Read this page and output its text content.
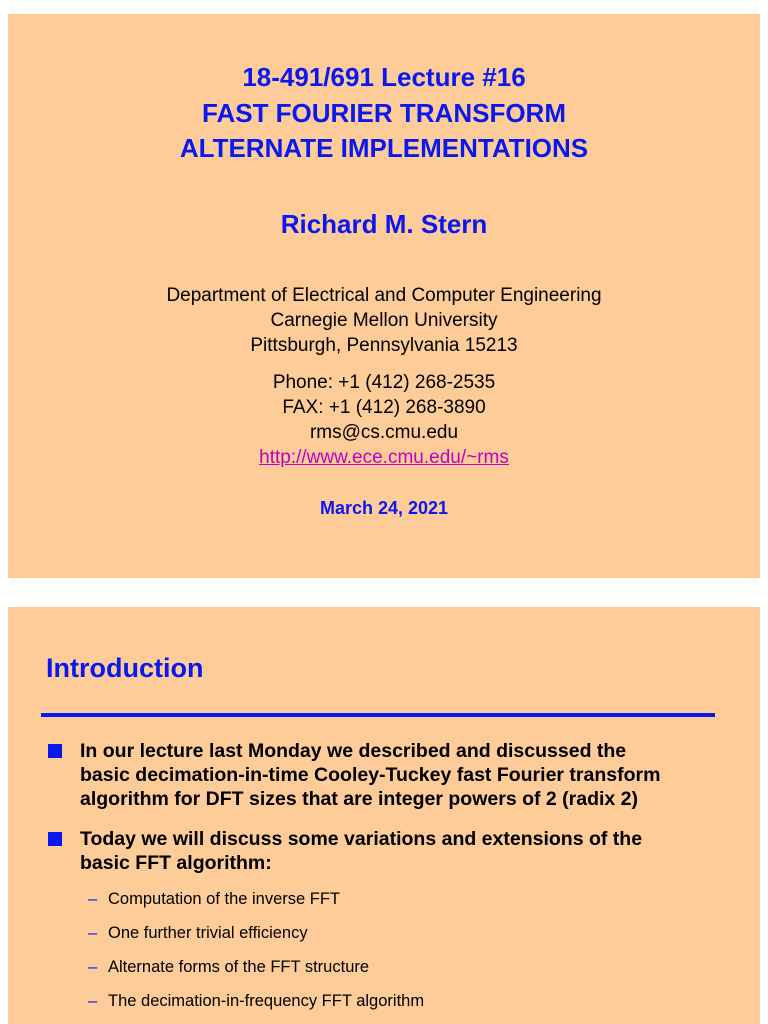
18-491/691 Lecture #16
FAST FOURIER TRANSFORM
ALTERNATE IMPLEMENTATIONS
Richard M. Stern
Department of Electrical and Computer Engineering
Carnegie Mellon University
Pittsburgh, Pennsylvania 15213
Phone: +1 (412) 268-2535
FAX: +1 (412) 268-3890
rms@cs.cmu.edu
http://www.ece.cmu.edu/~rms
March 24, 2021
Introduction
In our lecture last Monday we described and discussed the
basic decimation-in-time Cooley-Tuckey fast Fourier transform
algorithm for DFT sizes that are integer powers of 2 (radix 2)
Today we will discuss some variations and extensions of the
basic FFT algorithm:
– Computation of the inverse FFT
– One further trivial efficiency
– Alternate forms of the FFT structure
– The decimation-in-frequency FFT algorithm
